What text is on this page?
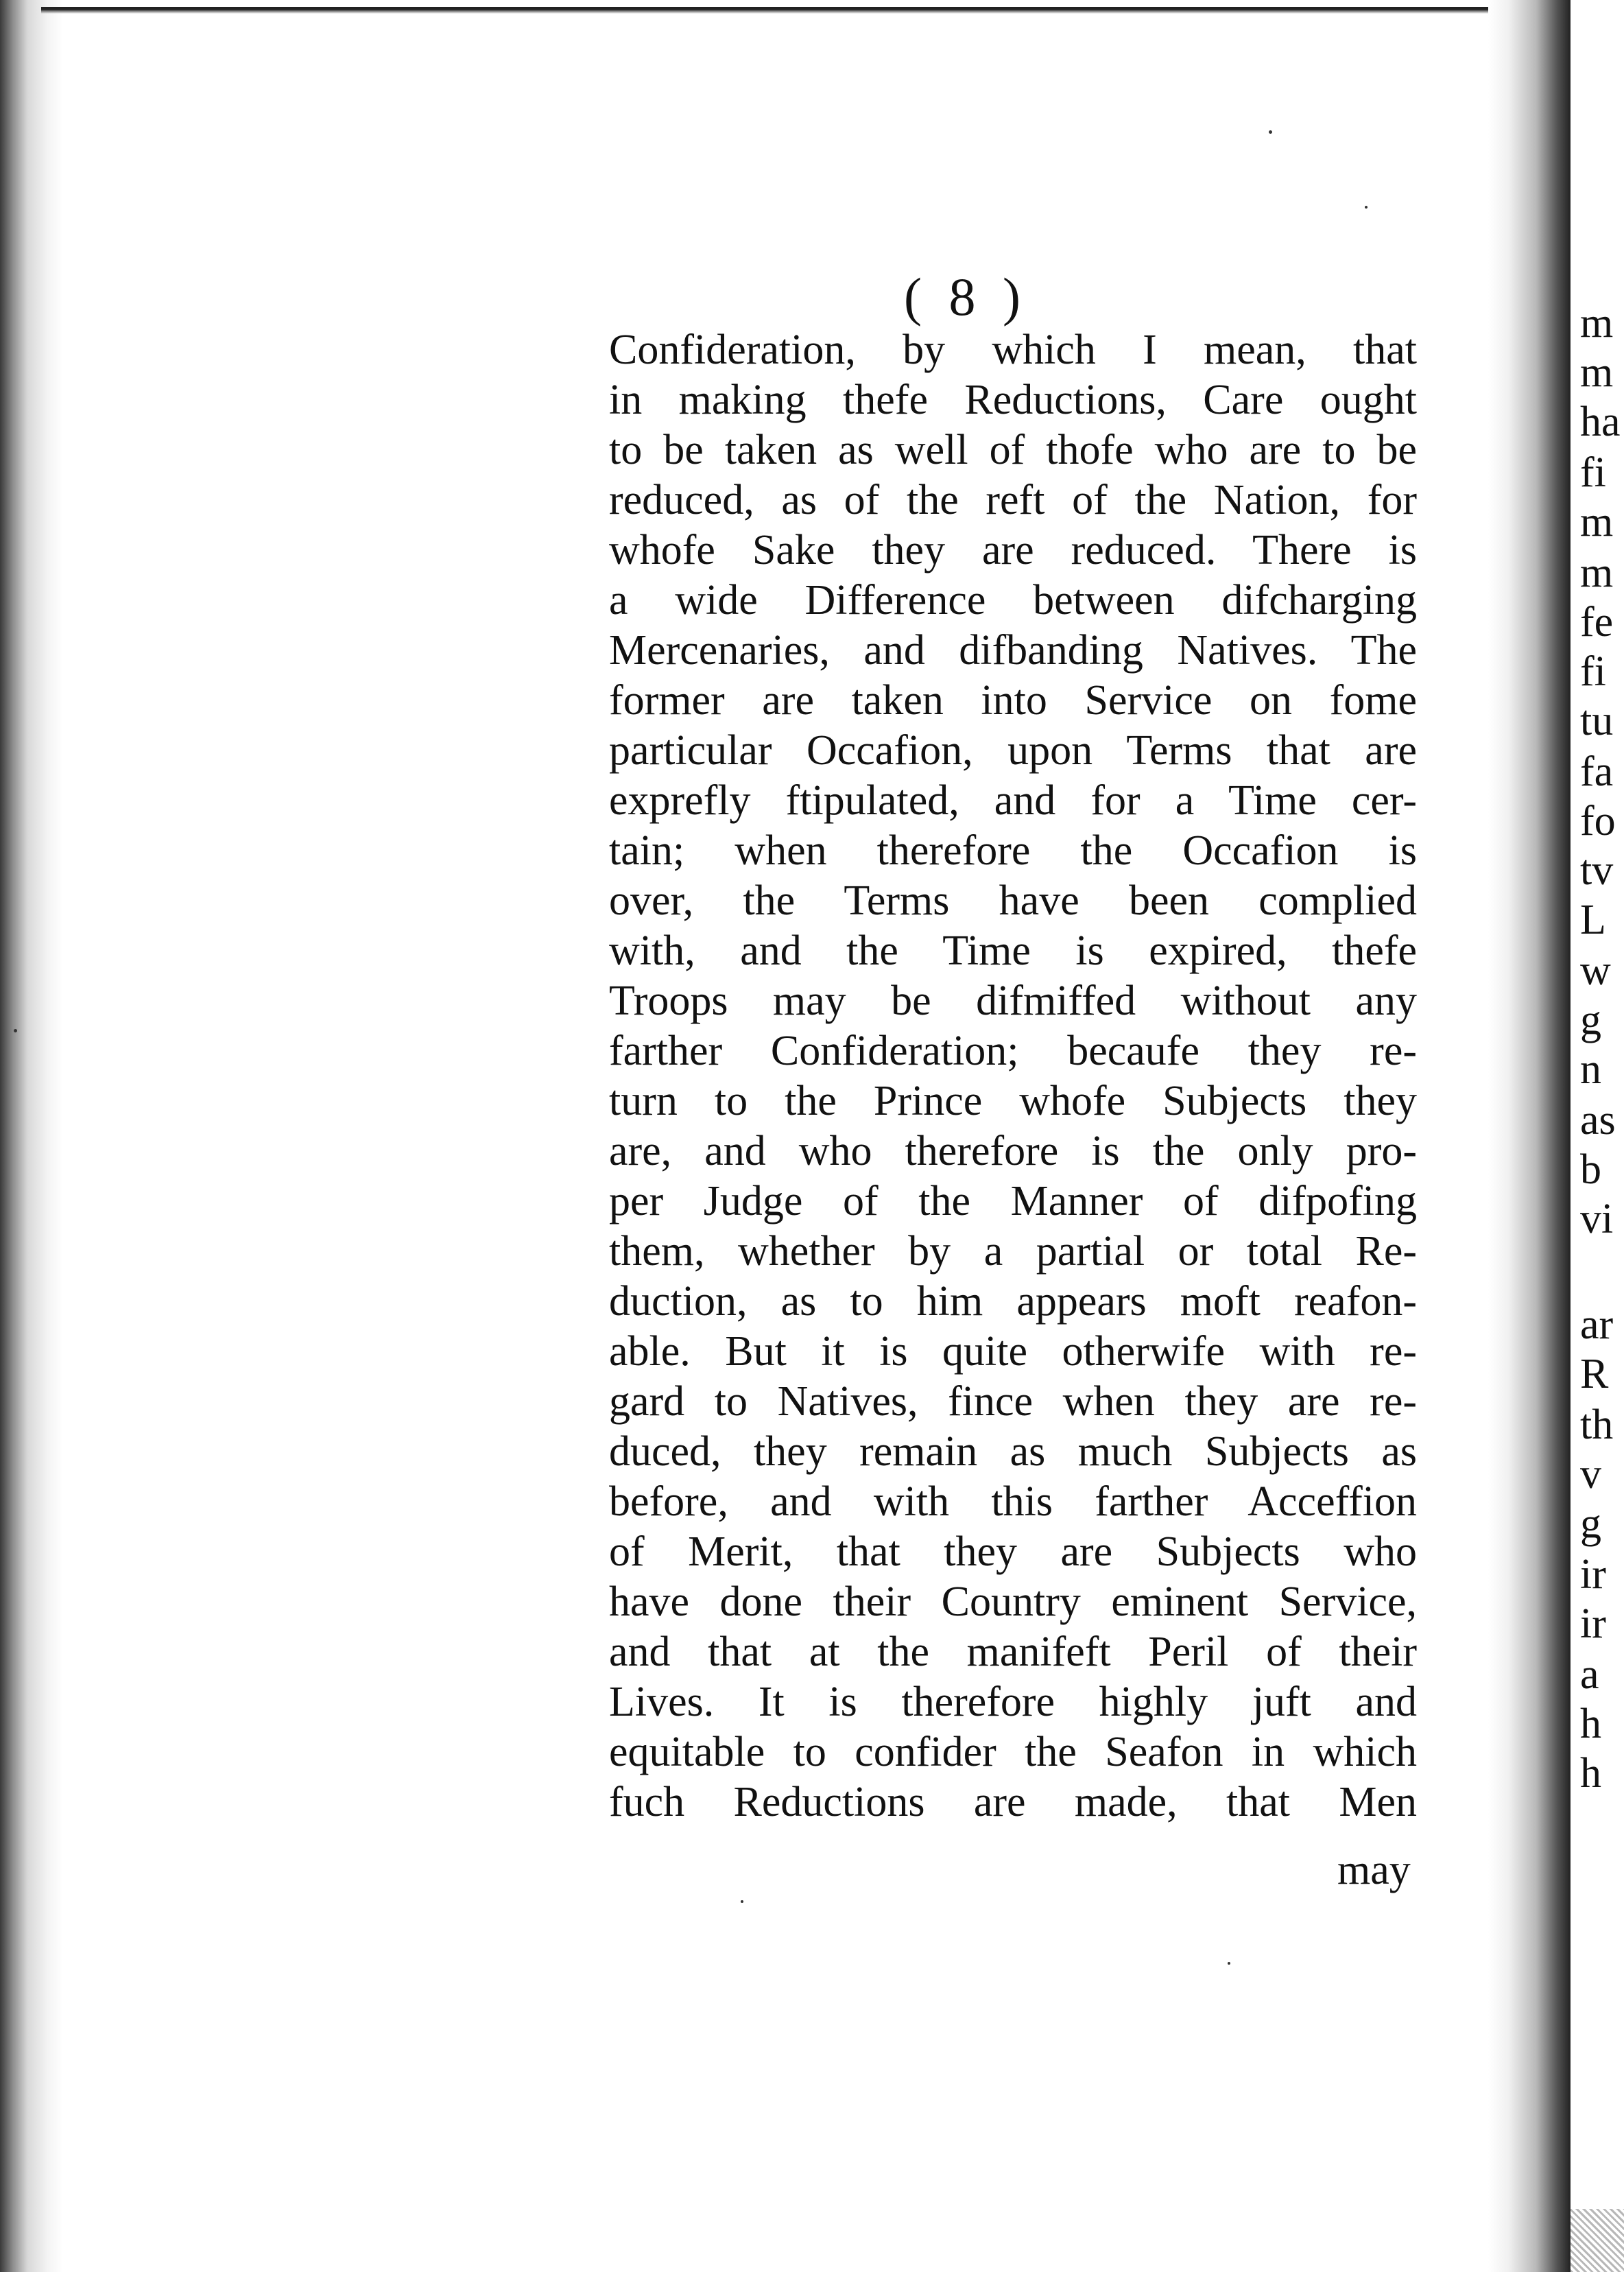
( 8 )
Confideration, by which I mean, that
in making thefe Reductions, Care ought
to be taken as well of thofe who are to be
reduced, as of the reft of the Nation, for
whofe Sake they are reduced. There is
a wide Difference between difcharging
Mercenaries, and difbanding Natives. The
former are taken into Service on fome
particular Occafion, upon Terms that are
exprefly ftipulated, and for a Time cer-
tain; when therefore the Occafion is
over, the Terms have been complied
with, and the Time is expired, thefe
Troops may be difmiffed without any
farther Confideration; becaufe they re-
turn to the Prince whofe Subjects they
are, and who therefore is the only pro-
per Judge of the Manner of difpofing
them, whether by a partial or total Re-
duction, as to him appears moft reafon-
able. But it is quite otherwife with re-
gard to Natives, fince when they are re-
duced, they remain as much Subjects as
before, and with this farther Acceffion
of Merit, that they are Subjects who
have done their Country eminent Service,
and that at the manifeft Peril of their
Lives. It is therefore highly juft and
equitable to confider the Seafon in which
fuch Reductions are made, that Men
may
m
m
ha
fi
m
m
fe
fi
tu
fa
fo
tv
L
w
g
n
as
b
vi
ar
R
th
v
g
ir
ir
a
h
h
